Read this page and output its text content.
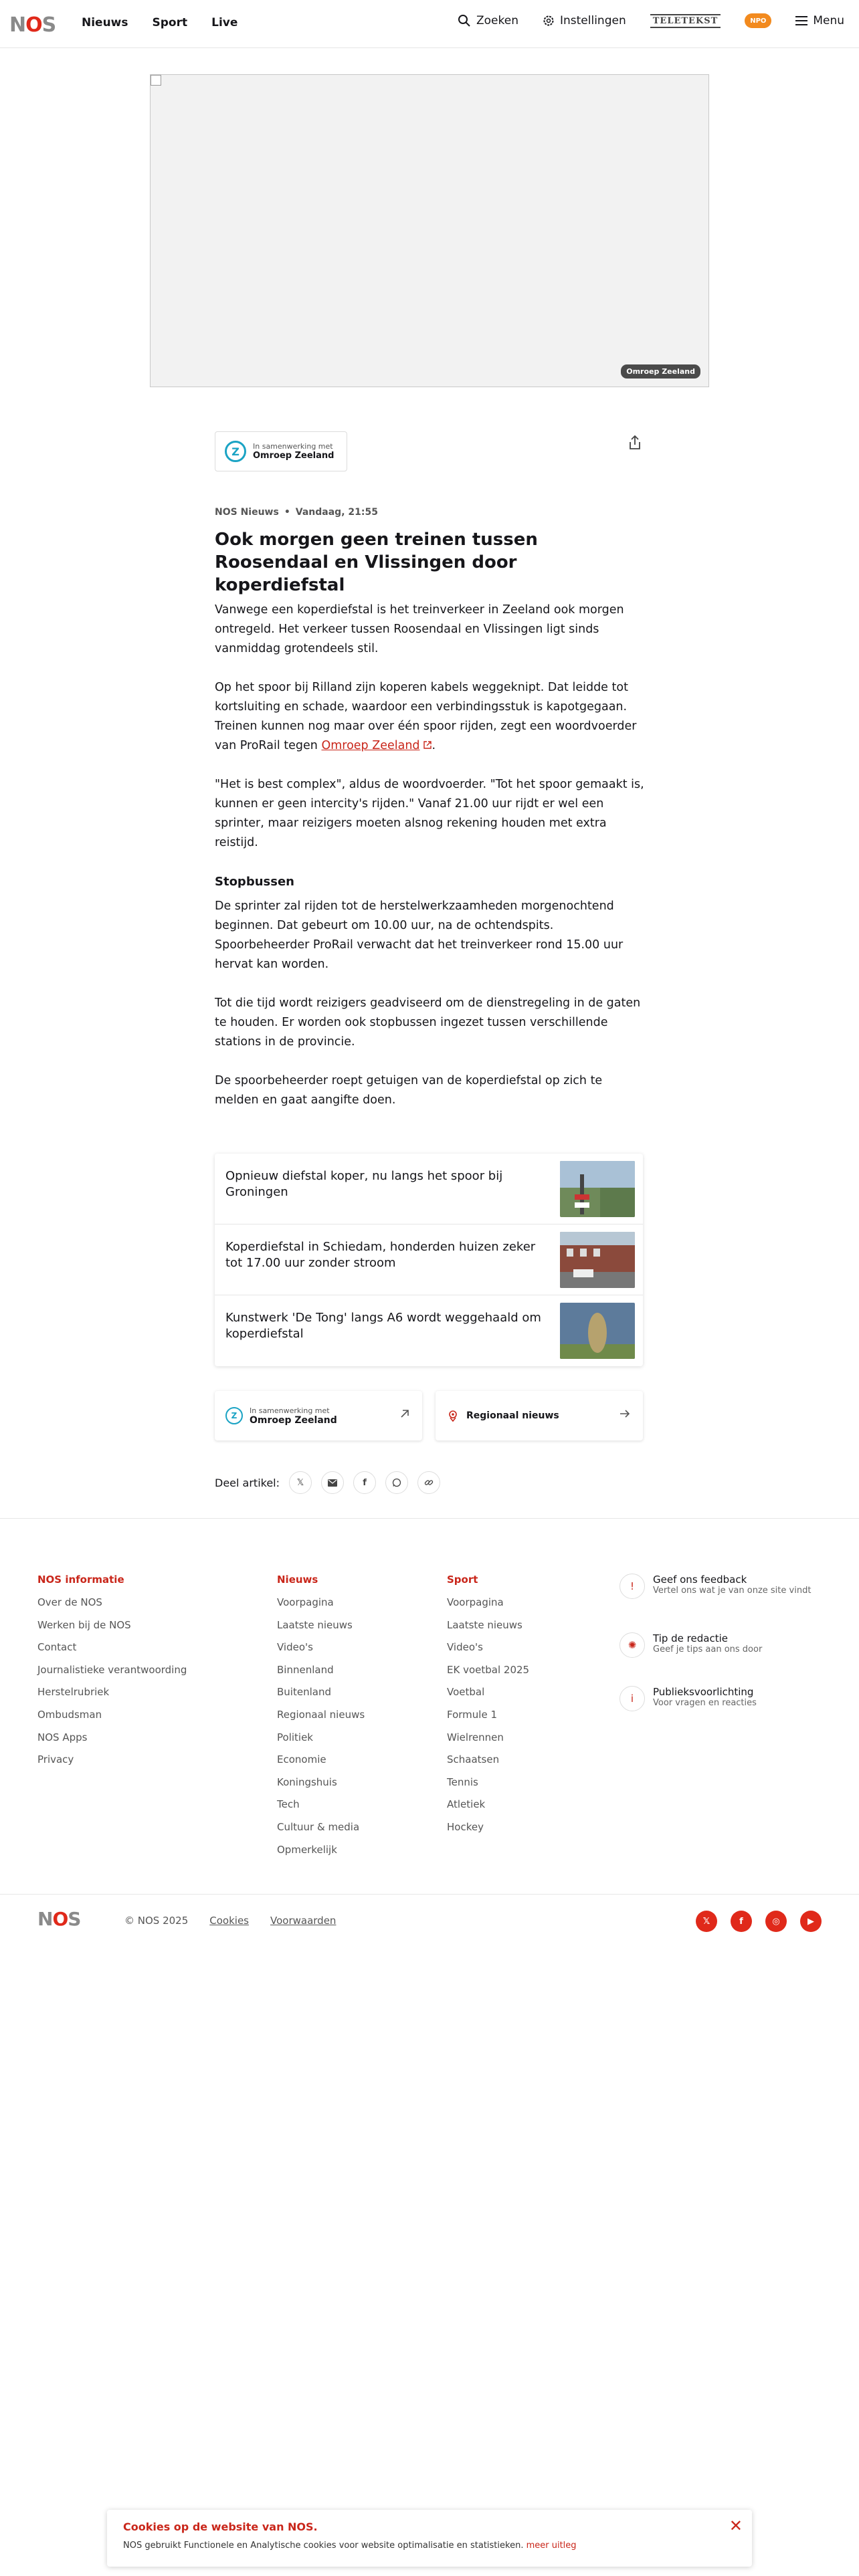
NOS Nieuws Sport Live	Zoeken	Instellingen	TELETEKST	NPO	Menu
Omroep Zeeland
Z	In samenwerking met
Omroep Zeeland
NOS Nieuws • Vandaag, 21:55
Ook morgen geen treinen tussen Roosendaal en Vlissingen door koperdiefstal

Vanwege een koperdiefstal is het treinverkeer in Zeeland ook morgen ontregeld. Het verkeer tussen Roosendaal en Vlissingen ligt sinds vanmiddag grotendeels stil.

Op het spoor bij Rilland zijn koperen kabels weggeknipt. Dat leidde tot kortsluiting en schade, waardoor een verbindingsstuk is kapotgegaan. Treinen kunnen nog maar over één spoor rijden, zegt een woordvoerder van ProRail tegen Omroep Zeeland .

"Het is best complex", aldus de woordvoerder. "Tot het spoor gemaakt is, kunnen er geen intercity's rijden." Vanaf 21.00 uur rijdt er wel een sprinter, maar reizigers moeten alsnog rekening houden met extra reistijd.

Stopbussen

De sprinter zal rijden tot de herstelwerkzaamheden morgenochtend beginnen. Dat gebeurt om 10.00 uur, na de ochtendspits. Spoorbeheerder ProRail verwacht dat het treinverkeer rond 15.00 uur hervat kan worden.

Tot die tijd wordt reizigers geadviseerd om de dienstregeling in de gaten te houden. Er worden ook stopbussen ingezet tussen verschillende stations in de provincie.

De spoorbeheerder roept getuigen van de koperdiefstal op zich te melden en gaat aangifte doen.

Opnieuw diefstal koper, nu langs het spoor bij Groningen
Koperdiefstal in Schiedam, honderden huizen zeker tot 17.00 uur zonder stroom
Kunstwerk 'De Tong' langs A6 wordt weggehaald om koperdiefstal
Z
In samenwerking met
Omroep Zeeland	Regionaal nieuws
Deel artikel: 𝕏	f
NOS informatie
Over de NOS
Werken bij de NOS
Contact
Journalistieke verantwoording
Herstelrubriek
Ombudsman
NOS Apps
Privacy
Nieuws
Voorpagina
Laatste nieuws
Video's
Binnenland
Buitenland
Regionaal nieuws
Politiek
Economie
Koningshuis
Tech
Cultuur & media
Opmerkelijk
Sport
Voorpagina
Laatste nieuws
Video's
EK voetbal 2025
Voetbal
Formule 1
Wielrennen
Schaatsen
Tennis
Atletiek
Hockey
!
Geef ons feedback
Vertel ons wat je van onze site vindt
✺
Tip de redactie
Geef je tips aan ons door
i
Publieksvoorlichting
Voor vragen en reacties
NOS	© NOS 2025 Cookies Voorwaarden	𝕏	f	◎	▶
Cookies op de website van NOS.

NOS gebruikt Functionele en Analytische cookies voor website optimalisatie en statistieken. meer uitleg

✕
